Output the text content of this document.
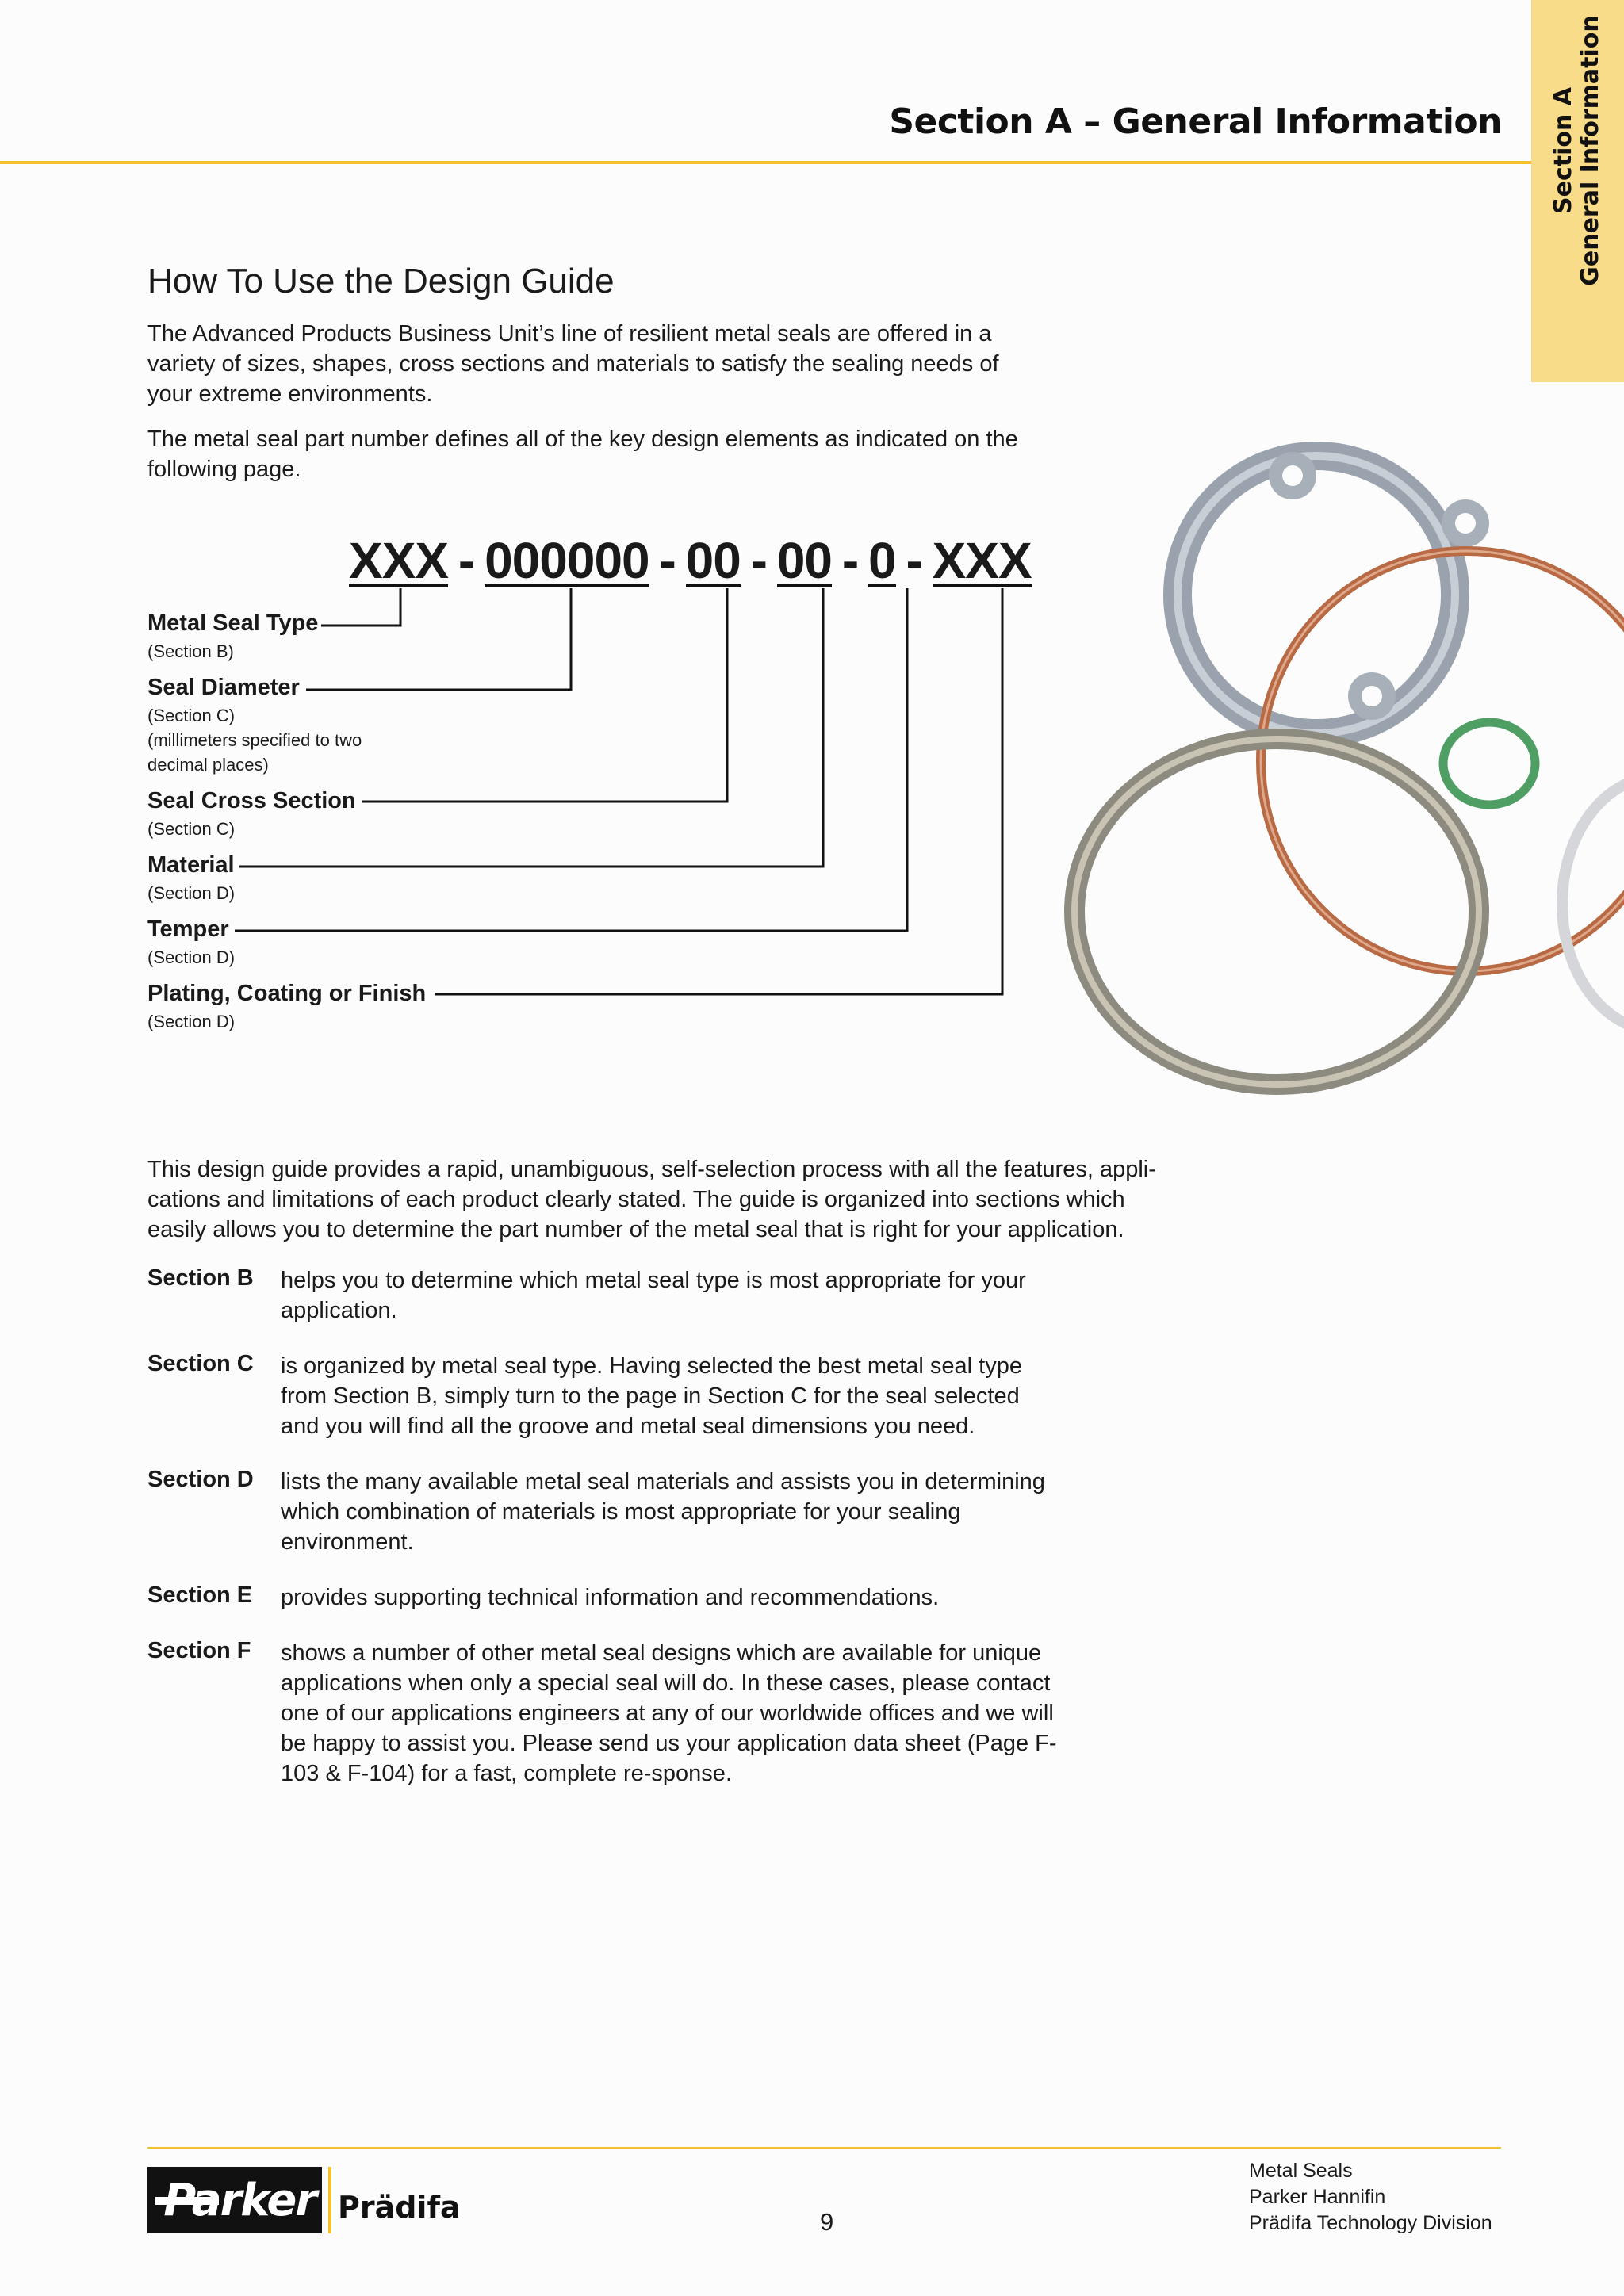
Section A – General Information Section A General Information
How To Use the Design Guide

The Advanced Products Business Unit’s line of resilient metal seals are offered in a variety of sizes, shapes, cross sections and materials to satisfy the sealing needs of your extreme environments.

The metal seal part number defines all of the key design elements as indicated on the following page.

XXX - 000000 - 00 - 00 - 0 - XXX
Metal Seal Type
(Section B)
Seal Diameter
(Section C)
(millimeters specified to two
decimal places)
Seal Cross Section
(Section C)
Material
(Section D)
Temper
(Section D)
Plating, Coating or Finish
(Section D)

This design guide provides a rapid, unambiguous, self-selection process with all the features, appli-cations and limitations of each product clearly stated. The guide is organized into sections which easily allows you to determine the part number of the metal seal that is right for your application.

Section B helps you to determine which metal seal type is most appropriate for your application.

Section C is organized by metal seal type. Having selected the best metal seal type from Section B, simply turn to the page in Section C for the seal selected and you will find all the groove and metal seal dimensions you need.

Section D lists the many available metal seal materials and assists you in determining which combination of materials is most appropriate for your sealing environment.

Section E provides supporting technical information and recommendations.

Section F shows a number of other metal seal designs which are available for unique applications when only a special seal will do. In these cases, please contact one of our applications engineers at any of our worldwide offices and we will be happy to assist you. Please send us your application data sheet (Page F-103 & F-104) for a fast, complete re-sponse.

Parker Prädifa	9
Metal Seals
Parker Hannifin
Prädifa Technology Division
